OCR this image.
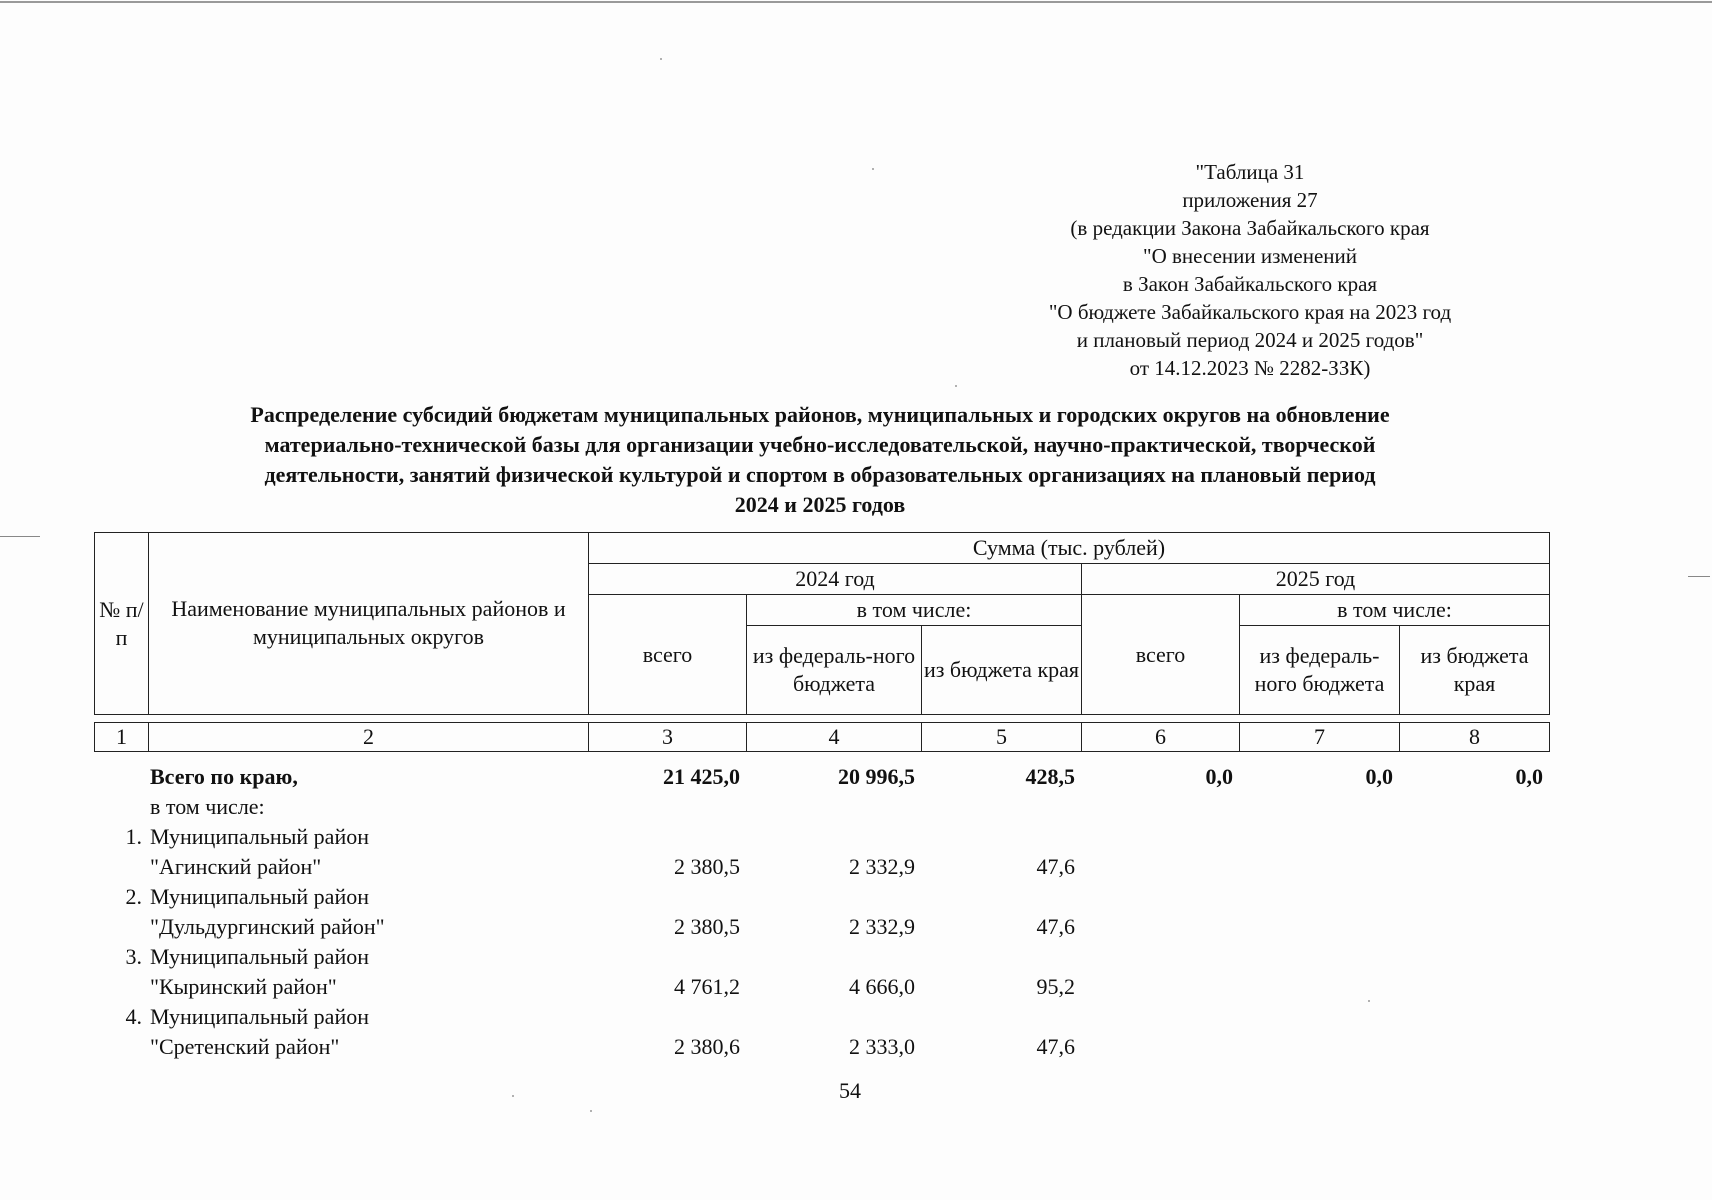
"Таблица 31
приложения 27
(в редакции Закона Забайкальского края
"О внесении изменений
в Закон Забайкальского края
"О бюджете Забайкальского края на 2023 год
и плановый период 2024 и 2025 годов"
от 14.12.2023 № 2282-ЗЗК)
Распределение субсидий бюджетам муниципальных районов, муниципальных и городских округов на обновление
материально-технической базы для организации учебно-исследовательской, научно-практической, творческой
деятельности, занятий физической культурой и спортом в образовательных организациях на плановый период
2024 и 2025 годов
№ п/п	Наименование муниципальных районов и муниципальных округов	Сумма (тыс. рублей)					
		2024 год			2025 год		
		всего	в том числе:		всего	в том числе:	
			из федераль-ного бюджета	из бюджета края		из федераль-ного бюджета	из бюджета края
1	2	3	4	5	6	7	8
	Всего по краю,	21 425,0	20 996,5	428,5	0,0	0,0	0,0
	в том числе:						
1.	Муниципальный район						
	"Агинский район"	2 380,5	2 332,9	47,6			
2.	Муниципальный район						
	"Дульдургинский район"	2 380,5	2 332,9	47,6			
3.	Муниципальный район						
	"Кыринский район"	4 761,2	4 666,0	95,2			
4.	Муниципальный район						
	"Сретенский район"	2 380,6	2 333,0	47,6			
54
